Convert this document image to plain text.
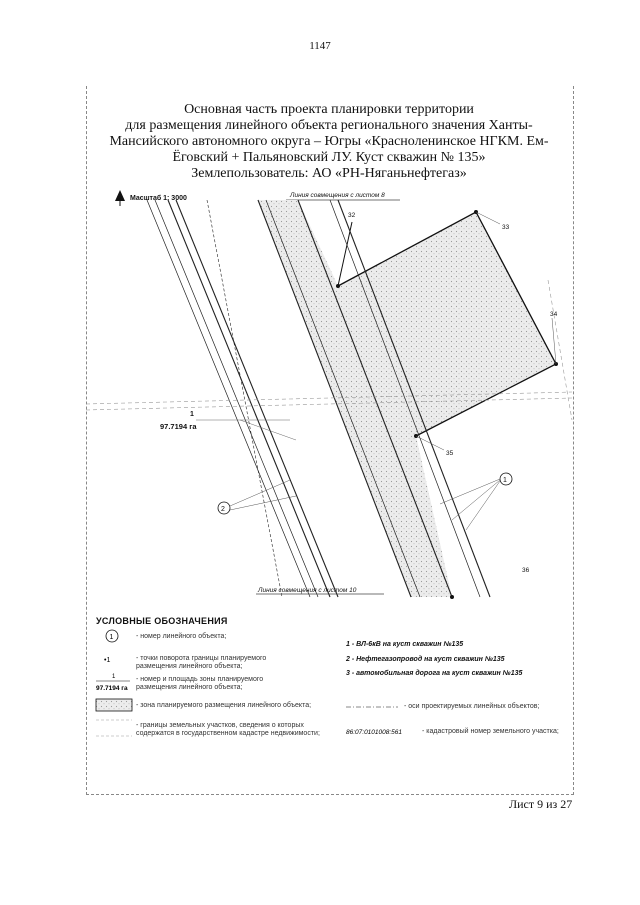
1147
Основная часть проекта планировки территории
для размещения линейного объекта регионального значения Ханты-
Мансийского автономного округа – Югры «Красноленинское НГКМ. Ем-
Ёговский + Пальяновский ЛУ. Куст скважин № 135»
Землепользователь: АО «РН-Няганьнефтегаз»
Масштаб 1: 3000	Линия совмещения с листом 8
Линия совмещения с листом 10
32
33
34
35
36
1
97.7194 га
2
1
1
•1
1
97.7194 га
86:07:0101008:561
УСЛОВНЫЕ ОБОЗНАЧЕНИЯ
- номер линейного объекта;
- точки поворота границы планируемого размещения линейного объекта;
- номер и площадь зоны планируемого размещения линейного объекта;
- зона планируемого размещения линейного объекта;
- границы земельных участков, сведения о которых содержатся в государственном кадастре недвижимости;
- оси проектируемых линейных объектов;
- кадастровый номер земельного участка;
1 - ВЛ-6кВ на куст скважин №135
2 - Нефтегазопровод на куст скважин №135
3 - автомобильная дорога на куст скважин №135
Лист 9 из 27
